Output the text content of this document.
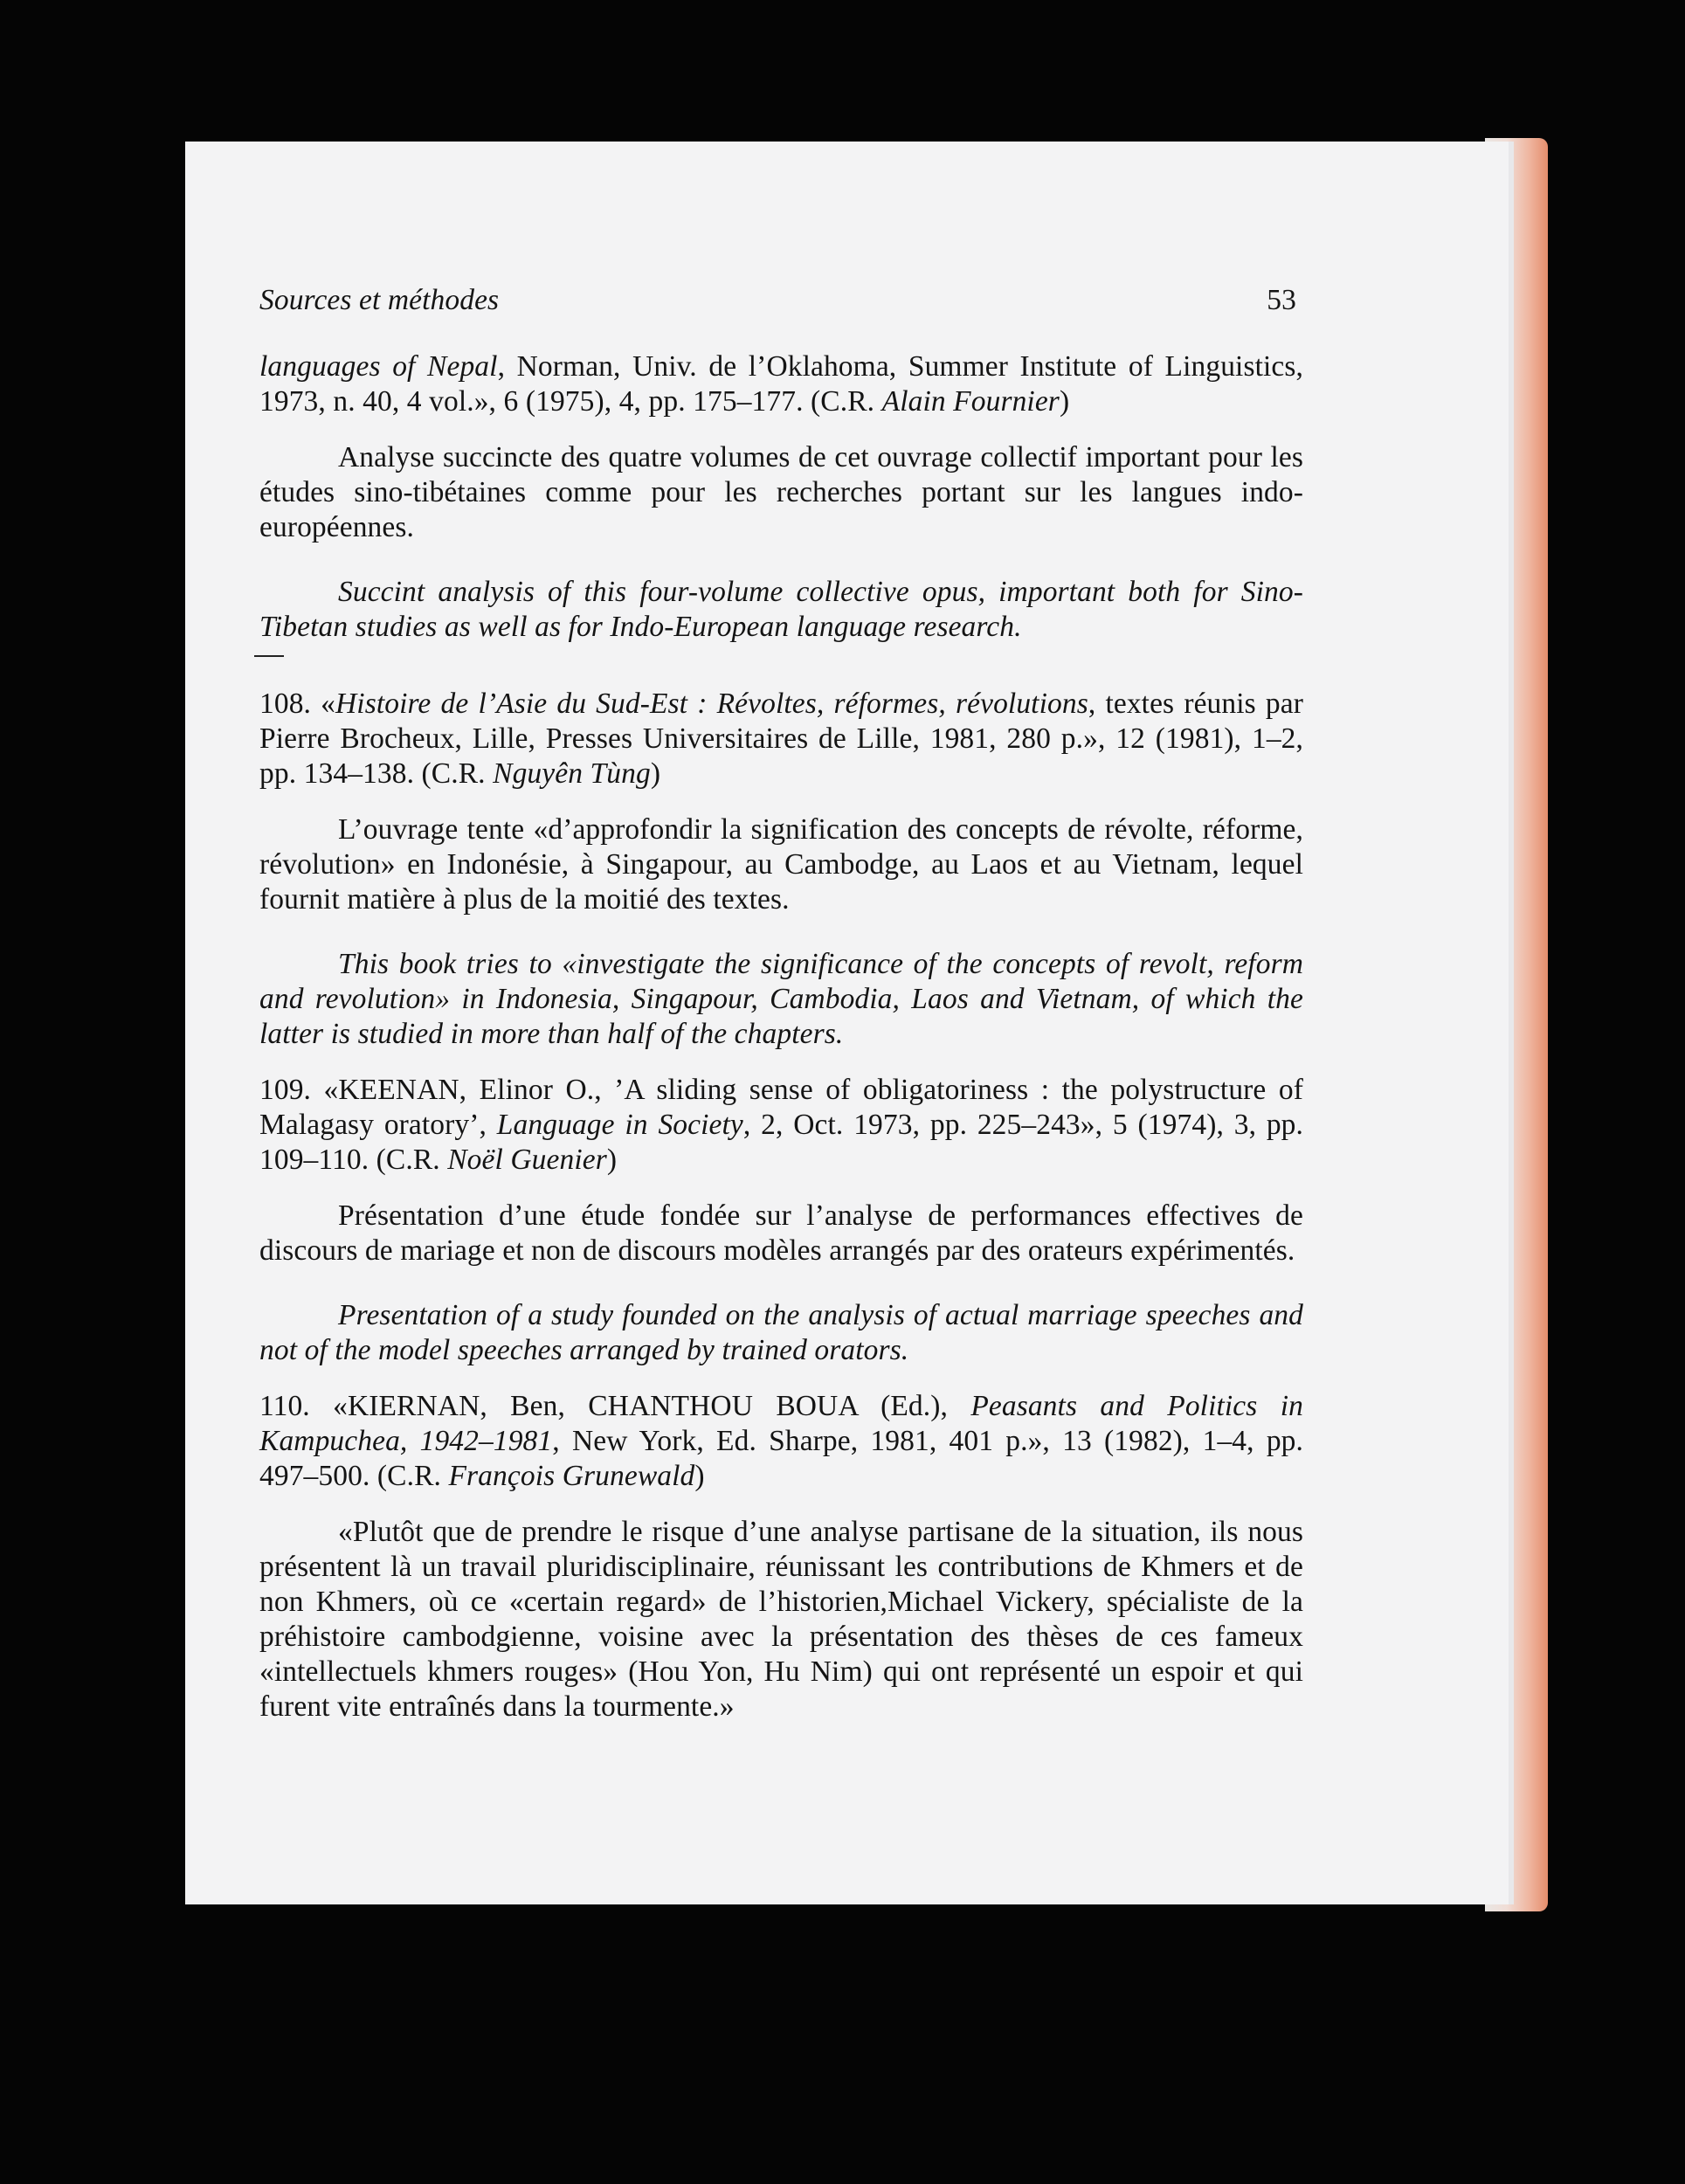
Sources et méthodes	53

languages of Nepal, Norman, Univ. de l’Oklahoma, Summer Institute of Linguistics, 1973, n. 40, 4 vol.», 6 (1975), 4, pp. 175–177. (C.R. Alain Fournier)

Analyse succincte des quatre volumes de cet ouvrage collectif important pour les études sino-tibétaines comme pour les recherches portant sur les langues indo-européennes.

Succint analysis of this four-volume collective opus, important both for Sino-Tibetan studies as well as for Indo-European language research.

108. «Histoire de l’Asie du Sud-Est : Révoltes, réformes, révolutions, textes réunis par Pierre Brocheux, Lille, Presses Universitaires de Lille, 1981, 280 p.», 12 (1981), 1–2, pp. 134–138. (C.R. Nguyên Tùng)

L’ouvrage tente «d’approfondir la signification des concepts de révolte, réforme, révolution» en Indonésie, à Singapour, au Cambodge, au Laos et au Vietnam, lequel fournit matière à plus de la moitié des textes.

This book tries to «investigate the significance of the concepts of revolt, reform and revolution» in Indonesia, Singapour, Cambodia, Laos and Vietnam, of which the latter is studied in more than half of the chapters.

109. «KEENAN, Elinor O., ’A sliding sense of obligatoriness : the polystructure of Malagasy oratory’, Language in Society, 2, Oct. 1973, pp. 225–243», 5 (1974), 3, pp. 109–110. (C.R. Noël Guenier)

Présentation d’une étude fondée sur l’analyse de performances effectives de discours de mariage et non de discours modèles arrangés par des orateurs expérimentés.

Presentation of a study founded on the analysis of actual marriage speeches and not of the model speeches arranged by trained orators.

110. «KIERNAN, Ben, CHANTHOU BOUA (Ed.), Peasants and Politics in Kampuchea, 1942–1981, New York, Ed. Sharpe, 1981, 401 p.», 13 (1982), 1–4, pp. 497–500. (C.R. François Grunewald)

«Plutôt que de prendre le risque d’une analyse partisane de la situation, ils nous présentent là un travail pluridisciplinaire, réunissant les contributions de Khmers et de non Khmers, où ce «certain regard» de l’historien,Michael Vickery, spécialiste de la préhistoire cambodgienne, voisine avec la présentation des thèses de ces fameux «intellectuels khmers rouges» (Hou Yon, Hu Nim) qui ont représenté un espoir et qui furent vite entraînés dans la tourmente.»
